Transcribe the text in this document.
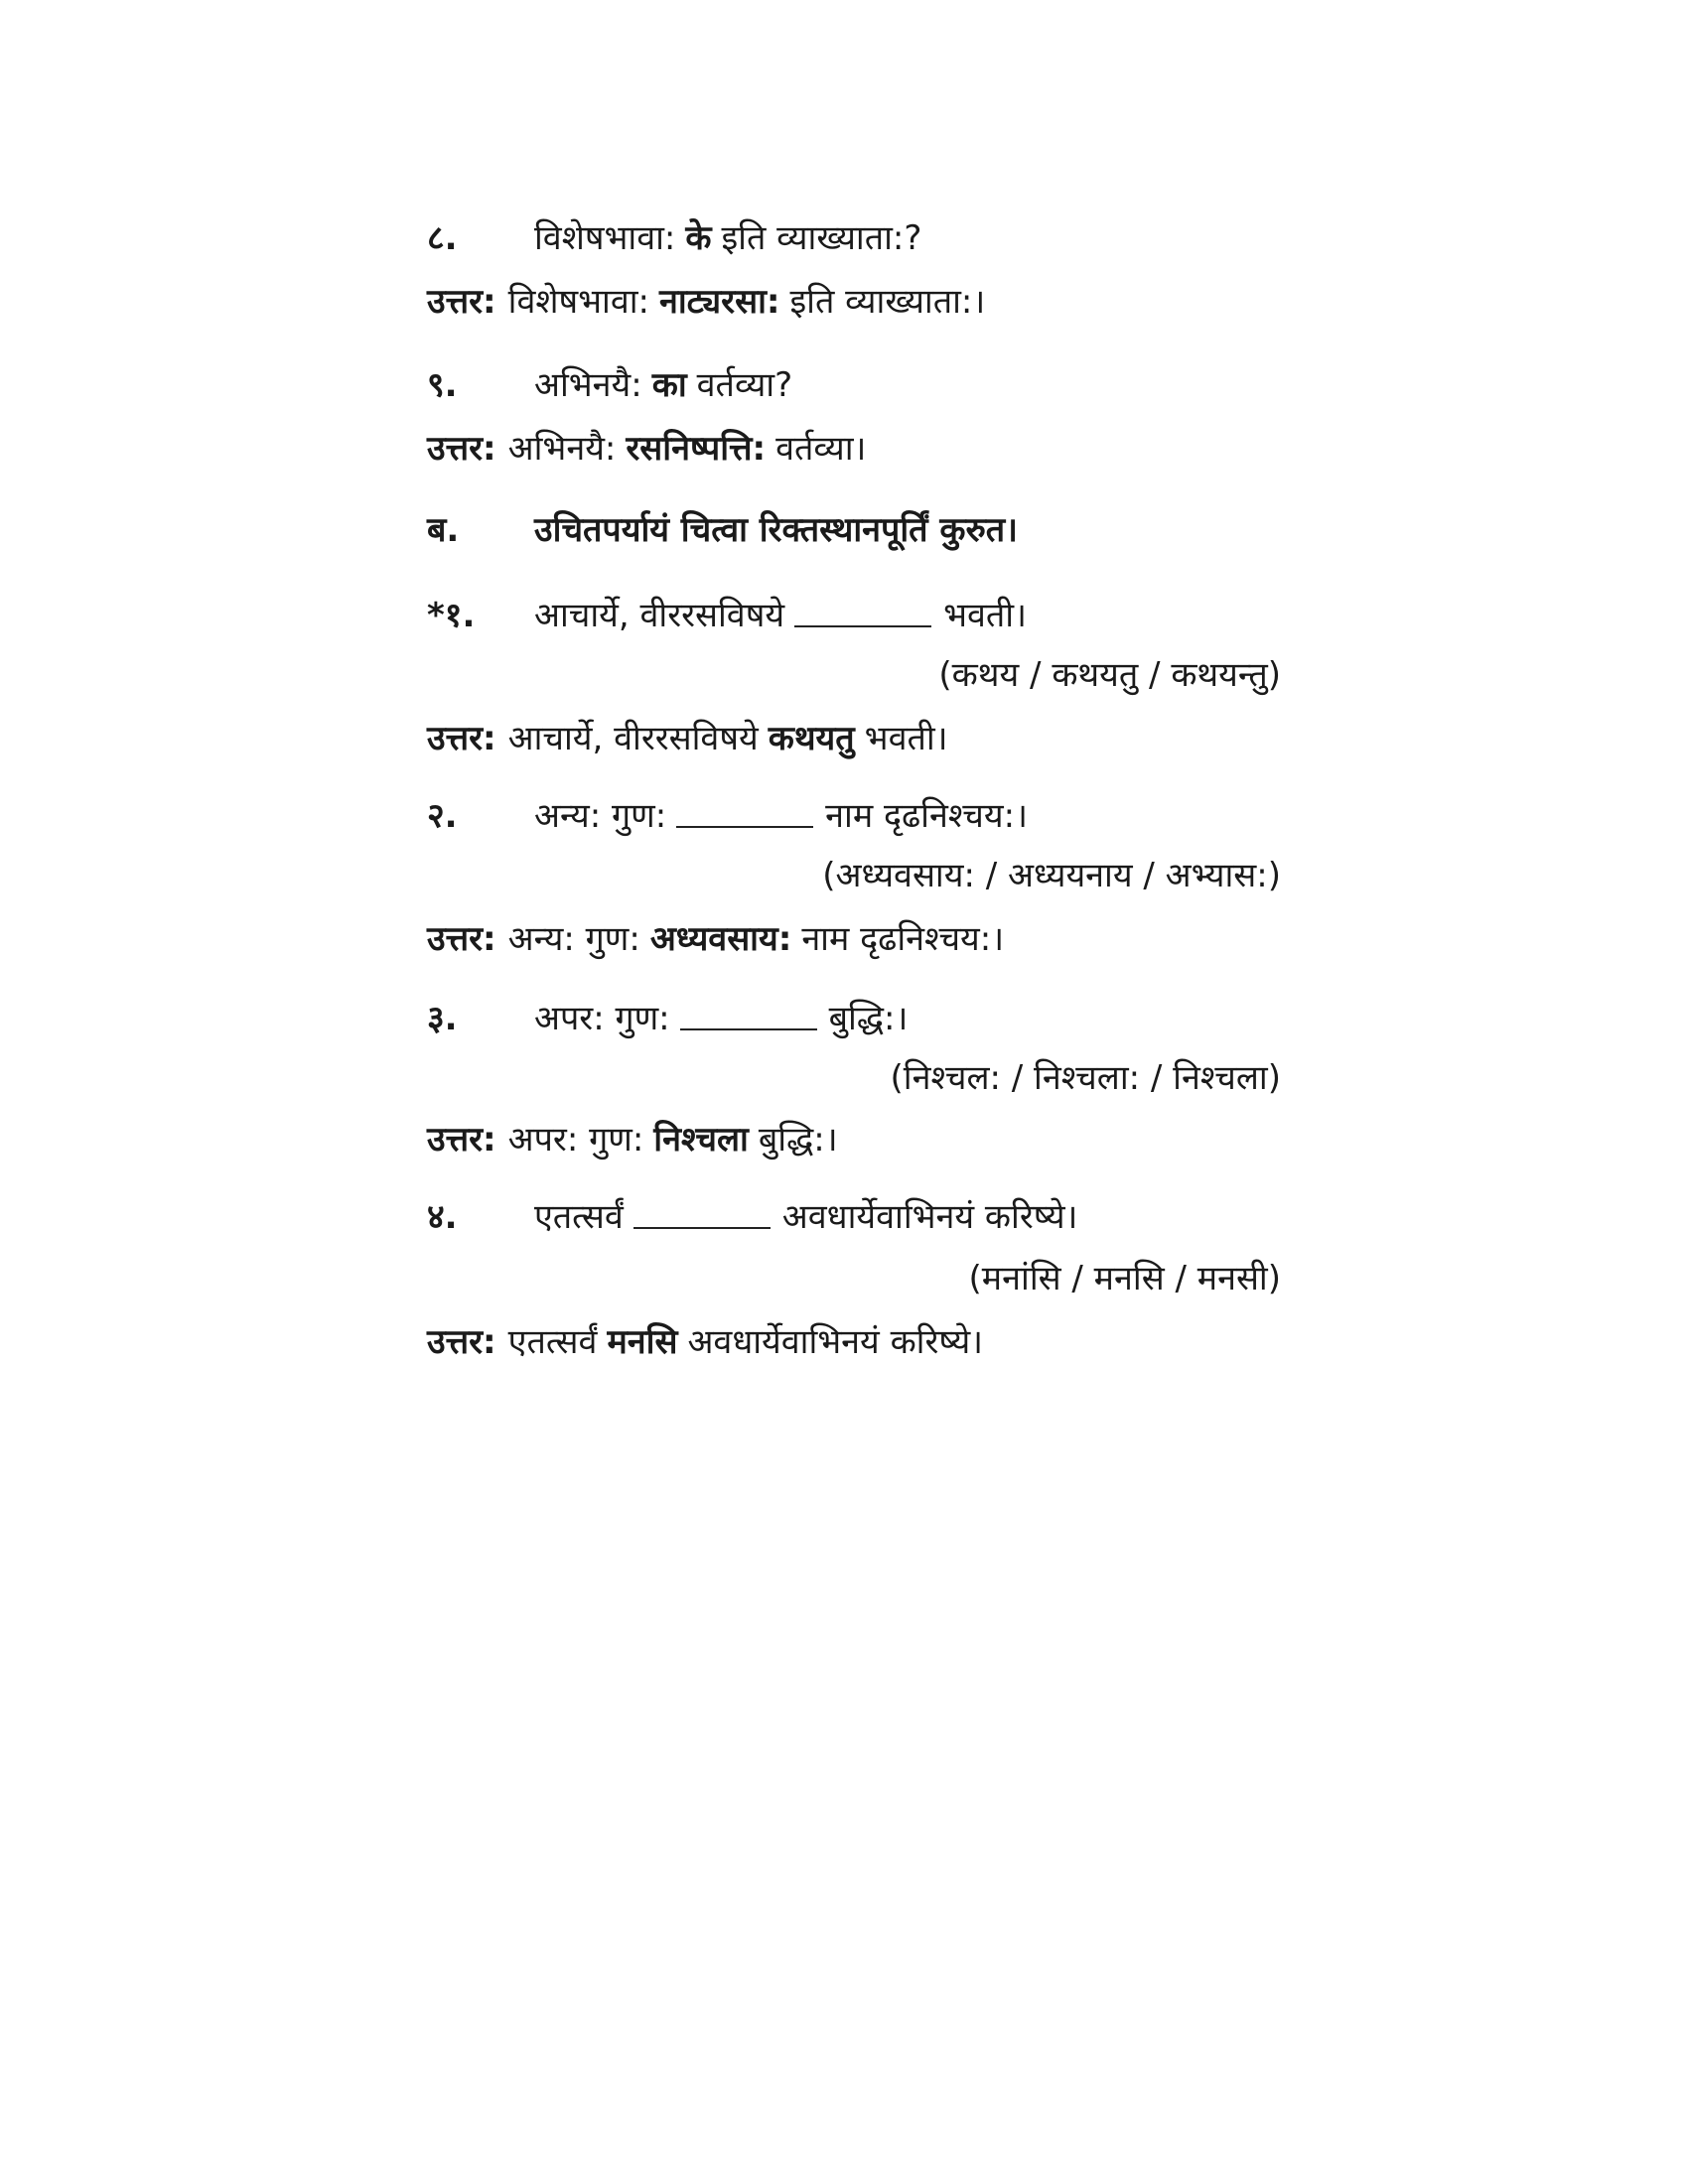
८.	विशेषभावा: के इति व्याख्याता:?
उत्तर: विशेषभावा: नाट्यरसा: इति व्याख्याता:।
९.	अभिनयै: का वर्तव्या?
उत्तर: अभिनयै: रसनिष्पत्ति: वर्तव्या।
ब.	उचितपर्यायं चित्वा रिक्तस्थानपूर्तिं कुरुत।
*१.	आचार्ये, वीररसविषये	भवती।
(कथय / कथयतु / कथयन्तु)
उत्तर: आचार्ये, वीररसविषये कथयतु भवती।
२.	अन्य: गुण:	नाम दृढनिश्चय:।
(अध्यवसाय: / अध्ययनाय / अभ्यास:)
उत्तर: अन्य: गुण: अध्यवसाय: नाम दृढनिश्चय:।
३.	अपर: गुण:	बुद्धि:।
(निश्चल: / निश्चला: / निश्चला)
उत्तर: अपर: गुण: निश्चला बुद्धि:।
४.	एतत्सर्वं	अवधार्येवाभिनयं करिष्ये।
(मनांसि / मनसि / मनसी)
उत्तर: एतत्सर्वं मनसि अवधार्येवाभिनयं करिष्ये।
